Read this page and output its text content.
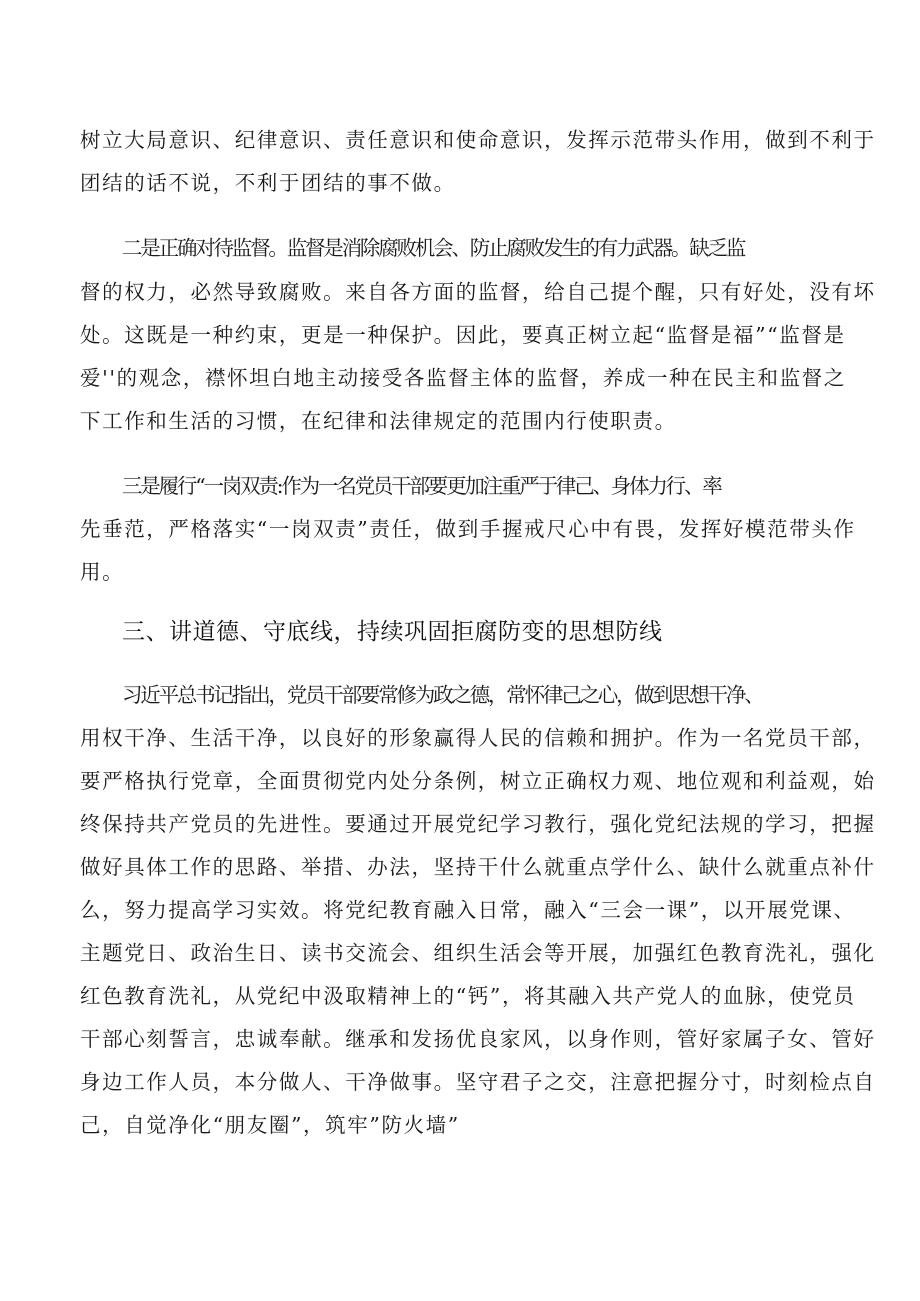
树立大局意识、纪律意识、责任意识和使命意识，发挥示范带头作用，做到不利于
团结的话不说，不利于团结的事不做。
二是正确对待监督。监督是消除腐败机会、防止腐败发生的有力武器。缺乏监
督的权力，必然导致腐败。来自各方面的监督，给自己提个醒，只有好处，没有坏
处。这既是一种约束，更是一种保护。因此，要真正树立起“监督是福”“监督是
爱''的观念，襟怀坦白地主动接受各监督主体的监督，养成一种在民主和监督之
下工作和生活的习惯，在纪律和法律规定的范围内行使职责。
三是履行“一岗双责:作为一名党员干部要更加注重严于律己、身体力行、率
先垂范，严格落实“一岗双责”责任，做到手握戒尺心中有畏，发挥好模范带头作
用。
三、讲道德、守底线，持续巩固拒腐防变的思想防线
习近平总书记指出，党员干部要常修为政之德，常怀律己之心，做到思想干净、
用权干净、生活干净，以良好的形象赢得人民的信赖和拥护。作为一名党员干部，
要严格执行党章，全面贯彻党内处分条例，树立正确权力观、地位观和利益观，始
终保持共产党员的先进性。要通过开展党纪学习教行，强化党纪法规的学习，把握
做好具体工作的思路、举措、办法，坚持干什么就重点学什么、缺什么就重点补什
么，努力提高学习实效。将党纪教育融入日常，融入“三会一课”，以开展党课、
主题党日、政治生日、读书交流会、组织生活会等开展，加强红色教育洗礼，强化
红色教育洗礼，从党纪中汲取精神上的“钙”，将其融入共产党人的血脉，使党员
干部心刻誓言，忠诚奉献。继承和发扬优良家风，以身作则，管好家属子女、管好
身边工作人员，本分做人、干净做事。坚守君子之交，注意把握分寸，时刻检点自
己，自觉净化“朋友圈”，筑牢”防火墙”
